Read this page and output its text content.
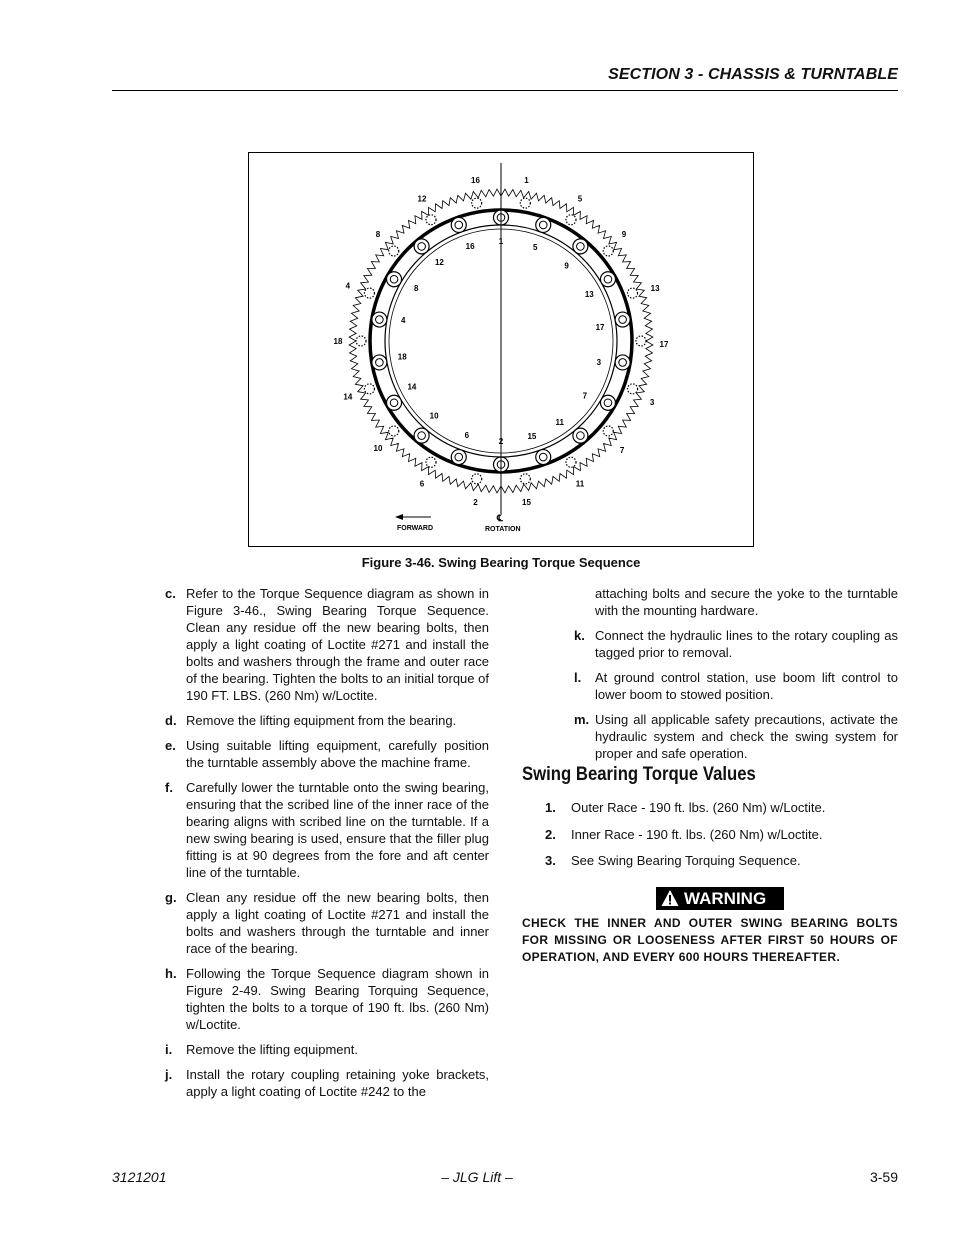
SECTION 3 - CHASSIS & TURNTABLE
16	1
5
9
13
17
3
7
11
15
2
6
10
14
18
4
8
12
1
5
9
13
17
3
7
11
15
2
6
10
14
18
4
8
12
16
FORWARD
℄
ROTATION
Figure 3-46. Swing Bearing Torque Sequence
c. Refer to the Torque Sequence diagram as shown in Figure 3-46., Swing Bearing Torque Sequence. Clean any residue off the new bearing bolts, then apply a light coating of Loctite #271 and install the bolts and washers through the frame and outer race of the bearing. Tighten the bolts to an initial torque of 190 FT. LBS. (260 Nm) w/Loctite.
d. Remove the lifting equipment from the bearing.
e. Using suitable lifting equipment, carefully position the turntable assembly above the machine frame.
f. Carefully lower the turntable onto the swing bearing, ensuring that the scribed line of the inner race of the bearing aligns with scribed line on the turntable. If a new swing bearing is used, ensure that the filler plug fitting is at 90 degrees from the fore and aft center line of the turntable.
g. Clean any residue off the new bearing bolts, then apply a light coating of Loctite #271 and install the bolts and washers through the turntable and inner race of the bearing.
h. Following the Torque Sequence diagram shown in Figure 2-49. Swing Bearing Torquing Sequence, tighten the bolts to a torque of 190 ft. lbs. (260 Nm) w/Loctite.
i. Remove the lifting equipment.
j. Install the rotary coupling retaining yoke brackets, apply a light coating of Loctite #242 to the
attaching bolts and secure the yoke to the turntable with the mounting hardware.
k. Connect the hydraulic lines to the rotary coupling as tagged prior to removal.
l. At ground control station, use boom lift control to lower boom to stowed position.
m. Using all applicable safety precautions, activate the hydraulic system and check the swing system for proper and safe operation.
Swing Bearing Torque Values
1. Outer Race - 190 ft. lbs. (260 Nm) w/Loctite.
2. Inner Race - 190 ft. lbs. (260 Nm) w/Loctite.
3. See Swing Bearing Torquing Sequence.
WARNING
CHECK THE INNER AND OUTER SWING BEARING BOLTS FOR MISSING OR LOOSENESS AFTER FIRST 50 HOURS OF OPERATION, AND EVERY 600 HOURS THEREAFTER.
3121201	– JLG Lift –	3-59
